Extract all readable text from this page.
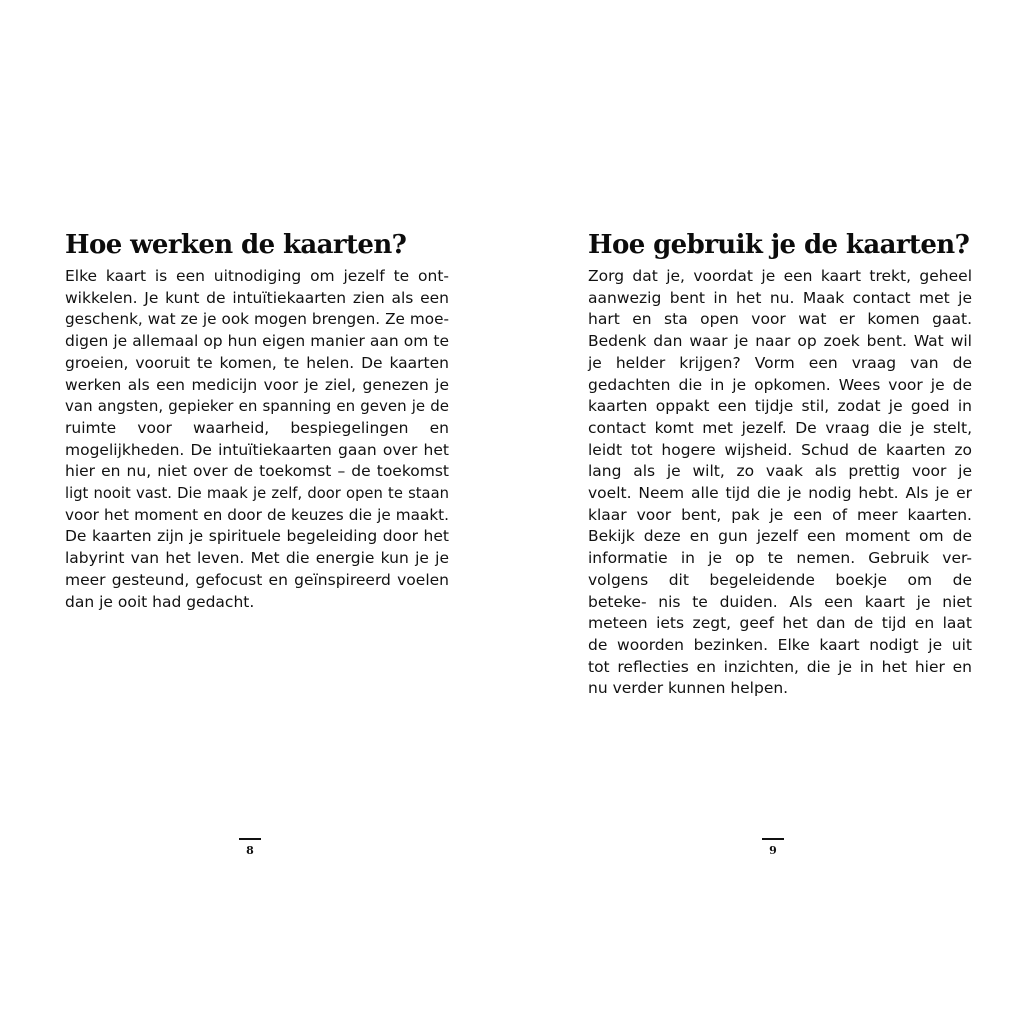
Hoe werken de kaarten?
Elke kaart is een uitnodiging om jezelf te ont-
wikkelen. Je kunt de intuïtiekaarten zien als een
geschenk, wat ze je ook mogen brengen. Ze moe-
digen je allemaal op hun eigen manier aan om te
groeien, vooruit te komen, te helen. De kaarten
werken als een medicijn voor je ziel, genezen je
van angsten, gepieker en spanning en geven je de
ruimte voor waarheid, bespiegelingen en
mogelijkheden. De intuïtiekaarten gaan over het
hier en nu, niet over de toekomst – de toekomst
ligt nooit vast. Die maak je zelf, door open te staan
voor het moment en door de keuzes die je maakt.
De kaarten zijn je spirituele begeleiding door het
labyrint van het leven. Met die energie kun je je
meer gesteund, gefocust en geïnspireerd voelen
dan je ooit had gedacht.
8
Hoe gebruik je de kaarten?
Zorg dat je, voordat je een kaart trekt, geheel
aanwezig bent in het nu. Maak contact met je
hart en sta open voor wat er komen gaat.
Bedenk dan waar je naar op zoek bent. Wat wil
je helder krijgen? Vorm een vraag van de
gedachten die in je opkomen. Wees voor je de
kaarten oppakt een tijdje stil, zodat je goed in
contact komt met jezelf. De vraag die je stelt,
leidt tot hogere wijsheid. Schud de kaarten zo
lang als je wilt, zo vaak als prettig voor je
voelt. Neem alle tijd die je nodig hebt. Als je er
klaar voor bent, pak je een of meer kaarten.
Bekijk deze en gun jezelf een moment om de
informatie in je op te nemen. Gebruik ver-
volgens dit begeleidende boekje om de
beteke- nis te duiden. Als een kaart je niet
meteen iets zegt, geef het dan de tijd en laat
de woorden bezinken. Elke kaart nodigt je uit
tot reflecties en inzichten, die je in het hier en
nu verder kunnen helpen.
9
